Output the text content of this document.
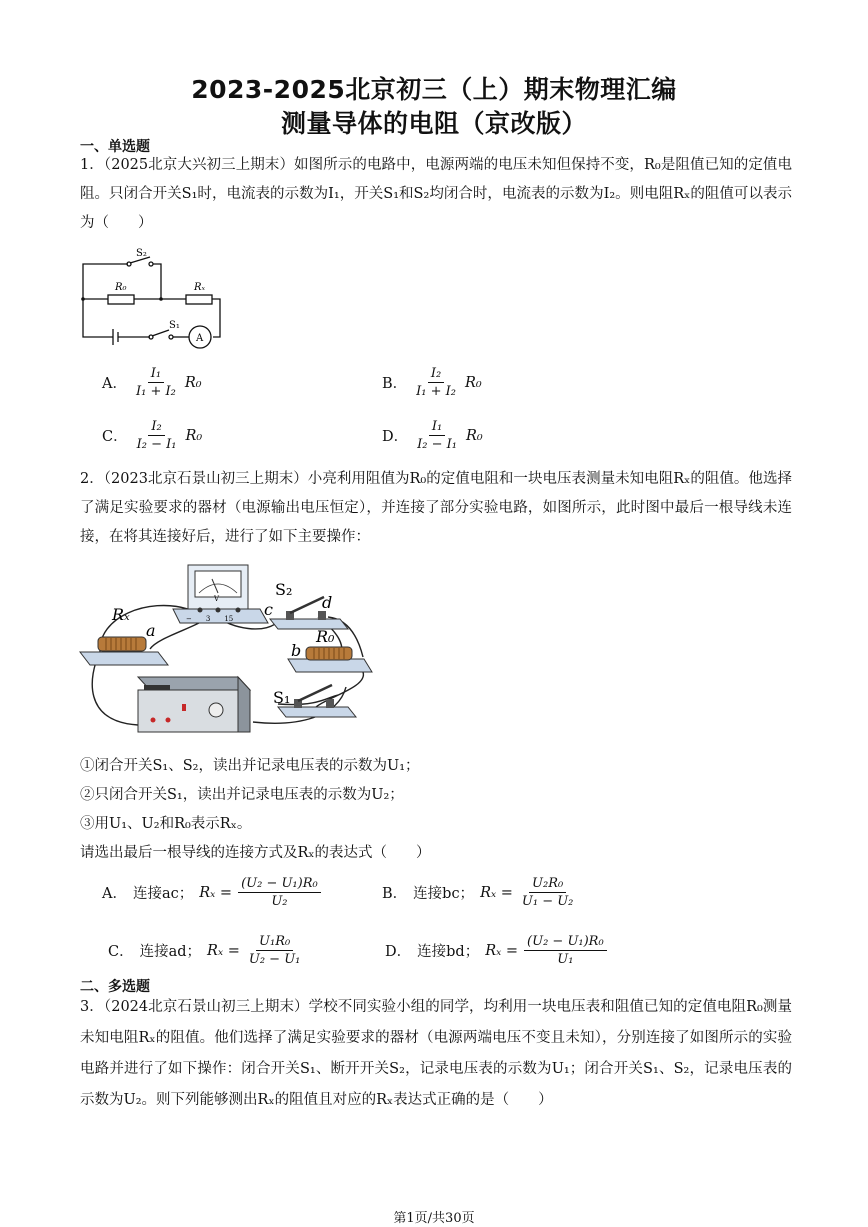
2023-2025北京初三（上）期末物理汇编
测量导体的电阻（京改版）
一、单选题
1．（2025北京大兴初三上期末）如图所示的电路中，电源两端的电压未知但保持不变，R₀是阻值已知的定值电阻。只闭合开关S₁时，电流表的示数为I₁，开关S₁和S₂均闭合时，电流表的示数为I₂。则电阻Rₓ的阻值可以表示为（　　）
S₂
R₀	Rₓ
S₁
A
A． $\frac{\text{I₁}}{\text{I₁ + I₂}} R_0$	B． $\frac{\text{I₂}}{\text{I₁ + I₂}} R_0$
C． $\frac{\text{I₂}}{\text{I₂ − I₁}} R_0$	D． $\frac{\text{I₁}}{\text{I₂ − I₁}} R_0$
2．（2023北京石景山初三上期末）小亮利用阻值为R₀的定值电阻和一块电压表测量未知电阻Rₓ的阻值。他选择了满足实验要求的器材（电源输出电压恒定），并连接了部分实验电路，如图所示，此时图中最后一根导线未连接，在将其连接好后，进行了如下主要操作：
V
−　　3　　15
Rₓ
a
c
S₂
d
R₀
b
S₁
①闭合开关S₁、S₂，读出并记录电压表的示数为U₁；
②只闭合开关S₁，读出并记录电压表的示数为U₂；
③用U₁、U₂和R₀表示Rₓ。
请选出最后一根导线的连接方式及Rₓ的表达式（　　）
A． 连接ac； $R_x = \frac{\text{(U₂ − U₁)R₀}}{\text{U₂}}$	B． 连接bc； $R_x = \frac{\text{U₂R₀}}{\text{U₁ − U₂}}$
C． 连接ad； $R_x = \frac{\text{U₁R₀}}{\text{U₂ − U₁}}$	D． 连接bd； $R_x = \frac{\text{(U₂ − U₁)R₀}}{\text{U₁}}$
二、多选题
3．（2024北京石景山初三上期末）学校不同实验小组的同学，均利用一块电压表和阻值已知的定值电阻R₀测量未知电阻Rₓ的阻值。他们选择了满足实验要求的器材（电源两端电压不变且未知），分别连接了如图所示的实验电路并进行了如下操作：闭合开关S₁、断开开关S₂，记录电压表的示数为U₁；闭合开关S₁、S₂，记录电压表的示数为U₂。则下列能够测出Rₓ的阻值且对应的Rₓ表达式正确的是（　　）
第1页/共30页
